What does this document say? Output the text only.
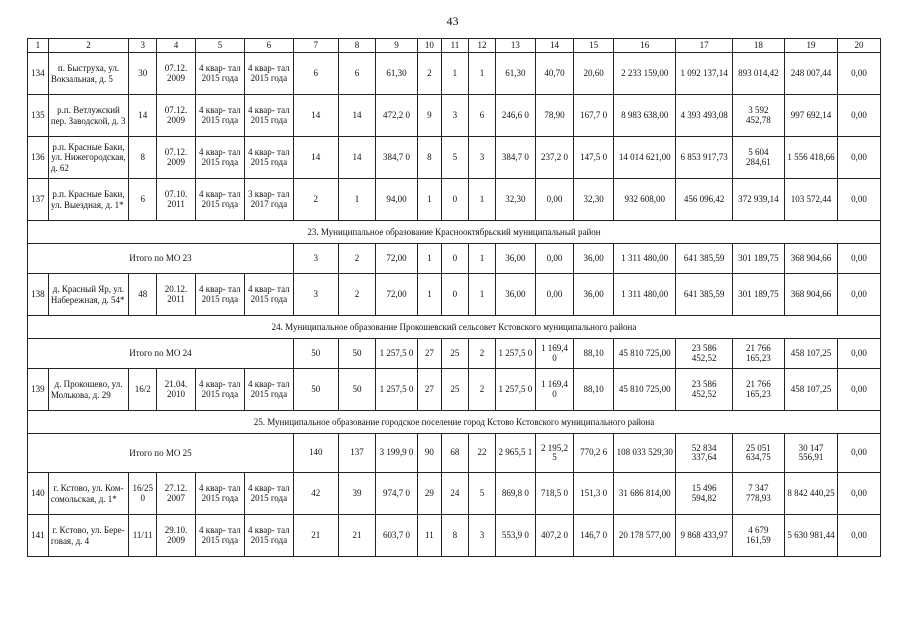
43
1	2	3	4	5	6	7	8	9	10	11	12	13	14	15	16	17	18	19	20
134	п. Быструха, ул. Вокзальная, д. 5	30	07.12. 2009	4 квар- тал 2015 года	4 квар- тал 2015 года	6	6	61,30	2	1	1	61,30	40,70	20,60	2 233 159,00	1 092 137,14	893 014,42	248 007,44	0,00
135	р.п. Ветлужский пер. Заводской, д. 3	14	07.12. 2009	4 квар- тал 2015 года	4 квар- тал 2015 года	14	14	472,2 0	9	3	6	246,6 0	78,90	167,7 0	8 983 638,00	4 393 493,08	3 592 452,78	997 692,14	0,00
136	р.п. Красные Баки, ул. Нижегородская, д. 62	8	07.12. 2009	4 квар- тал 2015 года	4 квар- тал 2015 года	14	14	384,7 0	8	5	3	384,7 0	237,2 0	147,5 0	14 014 621,00	6 853 917,73	5 604 284,61	1 556 418,66	0,00
137	р.п. Красные Баки, ул. Выездная, д. 1*	6	07.10. 2011	4 квар- тал 2015 года	3 квар- тал 2017 года	2	1	94,00	1	0	1	32,30	0,00	32,30	932 608,00	456 096,42	372 939,14	103 572,44	0,00
23. Муниципальное образование Краснооктябрьский муниципальный район																			
Итого по МО 23						3	2	72,00	1	0	1	36,00	0,00	36,00	1 311 480,00	641 385,59	301 189,75	368 904,66	0,00
138	д. Красный Яр, ул. Набережная, д. 54*	48	20.12. 2011	4 квар- тал 2015 года	4 квар- тал 2015 года	3	2	72,00	1	0	1	36,00	0,00	36,00	1 311 480,00	641 385,59	301 189,75	368 904,66	0,00
24. Муниципальное образование Прокошевский сельсовет Кстовского муниципального района																			
Итого по МО 24						50	50	1 257,5 0	27	25	2	1 257,5 0	1 169,4 0	88,10	45 810 725,00	23 586 452,52	21 766 165,23	458 107,25	0,00
139	д. Прокошево, ул. Молькова, д. 29	16/2	21.04. 2010	4 квар- тал 2015 года	4 квар- тал 2015 года	50	50	1 257,5 0	27	25	2	1 257,5 0	1 169,4 0	88,10	45 810 725,00	23 586 452,52	21 766 165,23	458 107,25	0,00
25. Муниципальное образование городское поселение город Кстово Кстовского муниципального района																			
Итого по МО 25						140	137	3 199,9 0	90	68	22	2 965,5 1	2 195,2 5	770,2 6	108 033 529,30	52 834 337,64	25 051 634,75	30 147 556,91	0,00
140	г. Кстово, ул. Ком- сомольская, д. 1*	16/25 0	27.12. 2007	4 квар- тал 2015 года	4 квар- тал 2015 года	42	39	974,7 0	29	24	5	869,8 0	718,5 0	151,3 0	31 686 814,00	15 496 594,82	7 347 778,93	8 842 440,25	0,00
141	г. Кстово, ул. Бере- говая, д. 4	11/11	29.10. 2009	4 квар- тал 2015 года	4 квар- тал 2015 года	21	21	603,7 0	11	8	3	553,9 0	407,2 0	146,7 0	20 178 577,00	9 868 433,97	4 679 161,59	5 630 981,44	0,00
